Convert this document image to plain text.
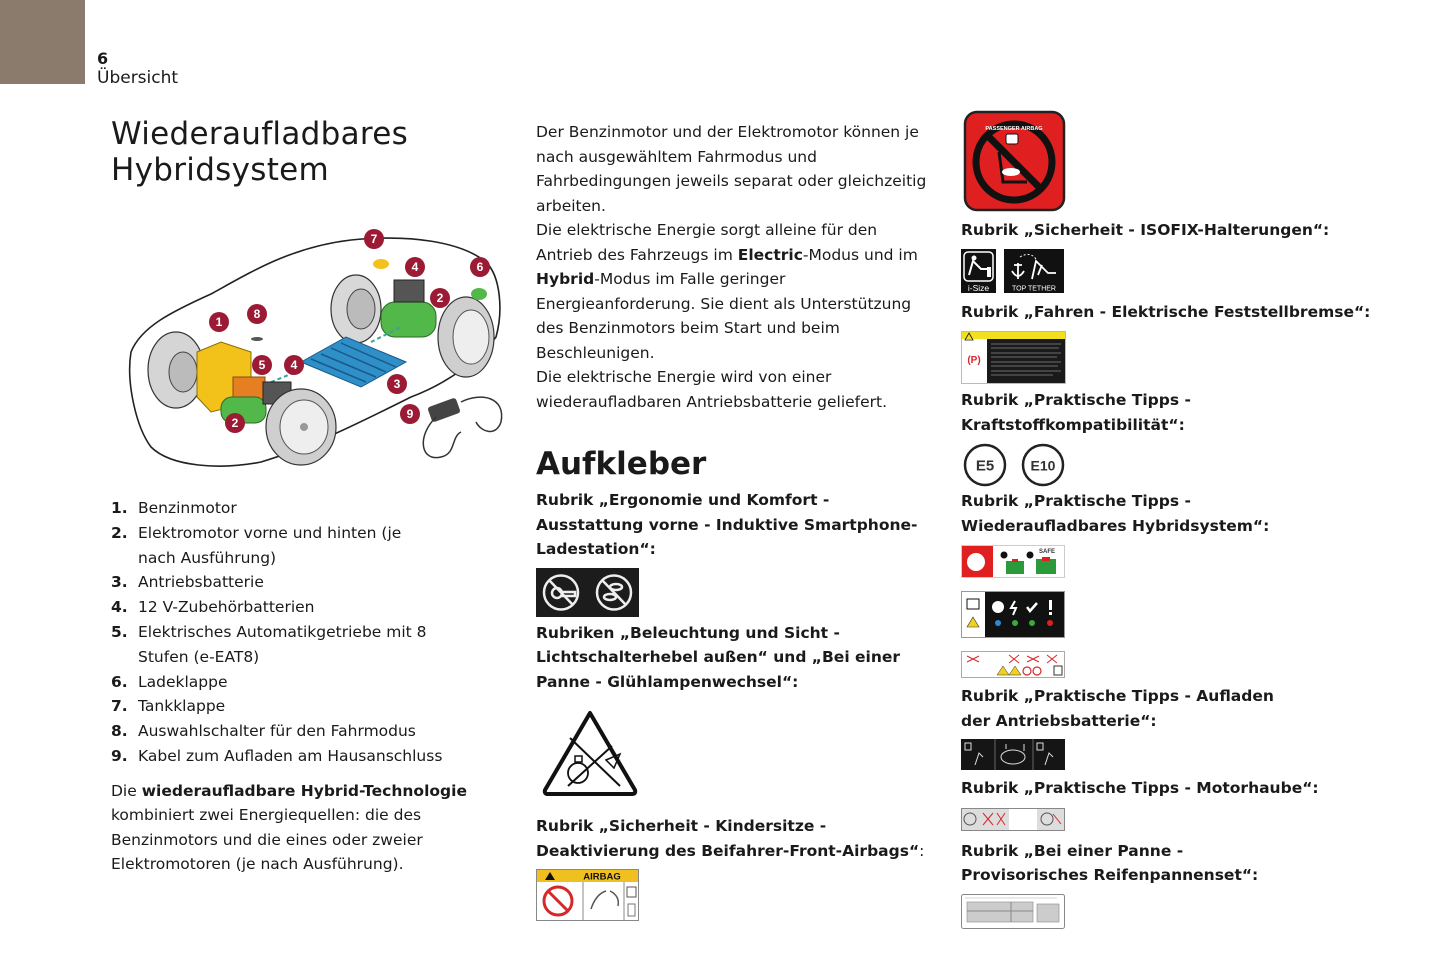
6
Übersicht
Wiederaufladbares
Hybridsystem
7
4	6
2
1
8
5 4
3
2
9
1. Benzinmotor
2. Elektromotor vorne und hinten (je nach Ausführung)
3. Antriebsbatterie
4. 12 V-Zubehörbatterien
5. Elektrisches Automatikgetriebe mit 8 Stufen (e-EAT8)
6. Ladeklappe
7. Tankklappe
8. Auswahlschalter für den Fahrmodus
9. Kabel zum Aufladen am Hausanschluss

Die wiederaufladbare Hybrid-Technologie kombiniert zwei Energiequellen: die des Benzinmotors und die eines oder zweier Elektromotoren (je nach Ausführung).

Der Benzinmotor und der Elektromotor können je nach ausgewähltem Fahrmodus und Fahrbedingungen jeweils separat oder gleichzeitig arbeiten.

Die elektrische Energie sorgt alleine für den Antrieb des Fahrzeugs im Electric-Modus und im Hybrid-Modus im Falle geringer Energieanforderung. Sie dient als Unterstützung des Benzinmotors beim Start und beim Beschleunigen.

Die elektrische Energie wird von einer wiederaufladbaren Antriebsbatterie geliefert.

Aufkleber

Rubrik „Ergonomie und Komfort - Ausstattung vorne - Induktive Smartphone-Ladestation“:

Rubriken „Beleuchtung und Sicht - Lichtschalterhebel außen“ und „Bei einer Panne - Glühlampenwechsel“:

Rubrik „Sicherheit - Kindersitze - Deaktivierung des Beifahrer-Front-Airbags“:

AIRBAG
PASSENGER AIRBAG

Rubrik „Sicherheit - ISOFIX-Halterungen“:

i-Size	TOP TETHER

Rubrik „Fahren - Elektrische Feststellbremse“:

(P)

Rubrik „Praktische Tipps - Kraftstoffkompatibilität“:

E5	E10

Rubrik „Praktische Tipps - Wiederaufladbares Hybridsystem“:

SAFE

Rubrik „Praktische Tipps - Aufladen der Antriebsbatterie“:

Rubrik „Praktische Tipps - Motorhaube“:

Rubrik „Bei einer Panne - Provisorisches Reifenpannenset“:
